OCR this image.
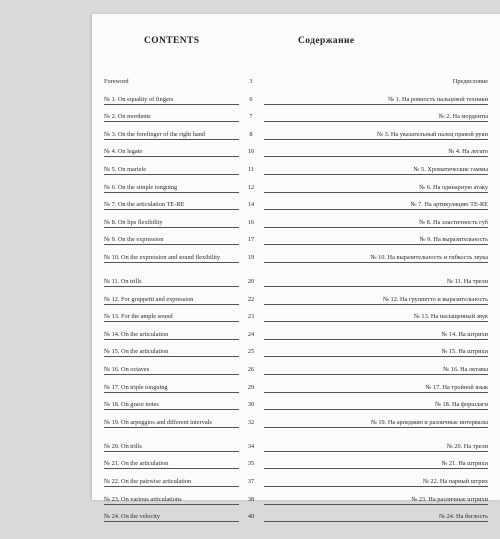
CONTENTS	Содержание
Foreword	3	Предисловие
№ 1. On equality of fingers	6	№ 1. На ровность пальцевой техники
№ 2. On mordents	7	№ 2. На мордеиты
№ 3. On the forefinger of the right hand	8	№ 3. На указательный палец правой руки
№ 4. On legato	10	№ 4. На легато
№ 5. On martele	11	№ 5. Хроматические гаммы
№ 6. On the simple tonguing	12	№ 6. На одинарную атаку
№ 7. On the articulation TE-RE	14	№ 7. На артикуляцию TE-RE
№ 8. On lips flexibility	16	№ 8. На эластичность губ
№ 9. On the expression	17	№ 9. На выразительность
№ 10. On the expression and sound flexibility	19	№ 10. На выразительность и гибкость звука
№ 11. On trills	20	№ 11. На трели
№ 12. For gruppetti and expression	22	№ 12. На группетто и выразительность
№ 13. For the ample sound	23	№ 13. На насыщенный звук
№ 14. On the articulation	24	№ 14. На штрихи
№ 15. On the articulation	25	№ 15. На штрихи
№ 16. On octaves	26	№ 16. На октавы
№ 17. On triple tonguing	29	№ 17. На тройной язык
№ 18. On grace notes	30	№ 18. На форшлаги
№ 19. On arpeggios and different intervals	32	№ 19. На арпеджио и различные интервалы
№ 20. On trills	34	№ 20. На трели
№ 21. On the articulation	35	№ 21. На штрихи
№ 22. On the pairwise articulation	37	№ 22. На парный штрих
№ 23. On various articulations	38	№ 23. На различные штрихи
№ 24. On the velocity	40	№ 24. На беглость
